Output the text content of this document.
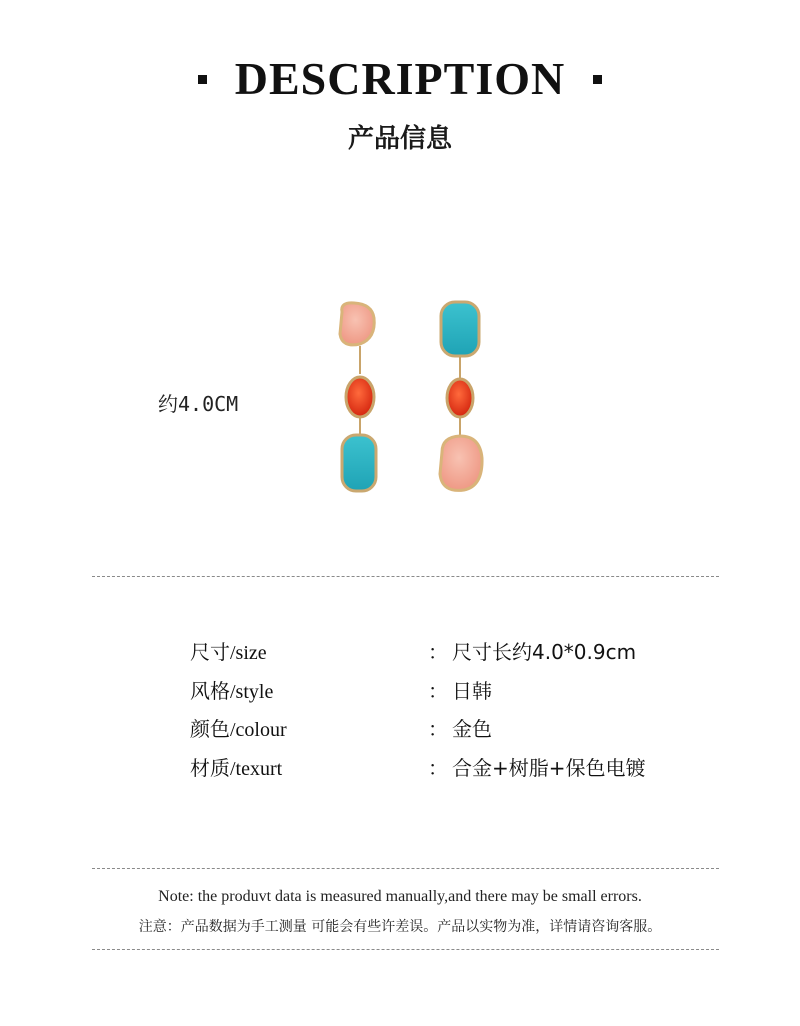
DESCRIPTION
产品信息
约4.0CM
尺寸/size	： 尺寸长约4.0*0.9cm
风格/style	： 日韩
颜色/colour	： 金色
材质/texurt	： 合金+树脂+保色电镀
Note: the produvt data is measured manually,and there may be small errors.
注意：产品数据为手工测量 可能会有些许差误。产品以实物为准，详情请咨询客服。
